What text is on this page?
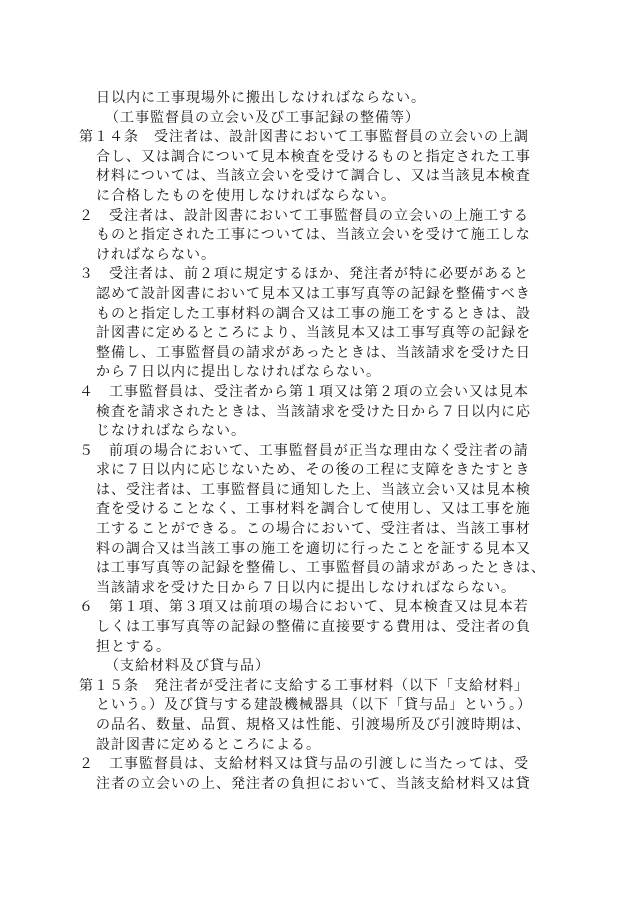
日以内に工事現場外に搬出しなければならない。
（工事監督員の立会い及び工事記録の整備等）
第１４条　受注者は、設計図書において工事監督員の立会いの上調
合し、又は調合について見本検査を受けるものと指定された工事
材料については、当該立会いを受けて調合し、又は当該見本検査
に合格したものを使用しなければならない。
２　受注者は、設計図書において工事監督員の立会いの上施工する
ものと指定された工事については、当該立会いを受けて施工しな
ければならない。
３　受注者は、前２項に規定するほか、発注者が特に必要があると
認めて設計図書において見本又は工事写真等の記録を整備すべき
ものと指定した工事材料の調合又は工事の施工をするときは、設
計図書に定めるところにより、当該見本又は工事写真等の記録を
整備し、工事監督員の請求があったときは、当該請求を受けた日
から７日以内に提出しなければならない。
４　工事監督員は、受注者から第１項又は第２項の立会い又は見本
検査を請求されたときは、当該請求を受けた日から７日以内に応
じなければならない。
５　前項の場合において、工事監督員が正当な理由なく受注者の請
求に７日以内に応じないため、その後の工程に支障をきたすとき
は、受注者は、工事監督員に通知した上、当該立会い又は見本検
査を受けることなく、工事材料を調合して使用し、又は工事を施
工することができる。この場合において、受注者は、当該工事材
料の調合又は当該工事の施工を適切に行ったことを証する見本又
は工事写真等の記録を整備し、工事監督員の請求があったときは、
当該請求を受けた日から７日以内に提出しなければならない。
６　第１項、第３項又は前項の場合において、見本検査又は見本若
しくは工事写真等の記録の整備に直接要する費用は、受注者の負
担とする。
（支給材料及び貸与品）
第１５条　発注者が受注者に支給する工事材料（以下「支給材料」
という。）及び貸与する建設機械器具（以下「貸与品」という。）
の品名、数量、品質、規格又は性能、引渡場所及び引渡時期は、
設計図書に定めるところによる。
２　工事監督員は、支給材料又は貸与品の引渡しに当たっては、受
注者の立会いの上、発注者の負担において、当該支給材料又は貸
